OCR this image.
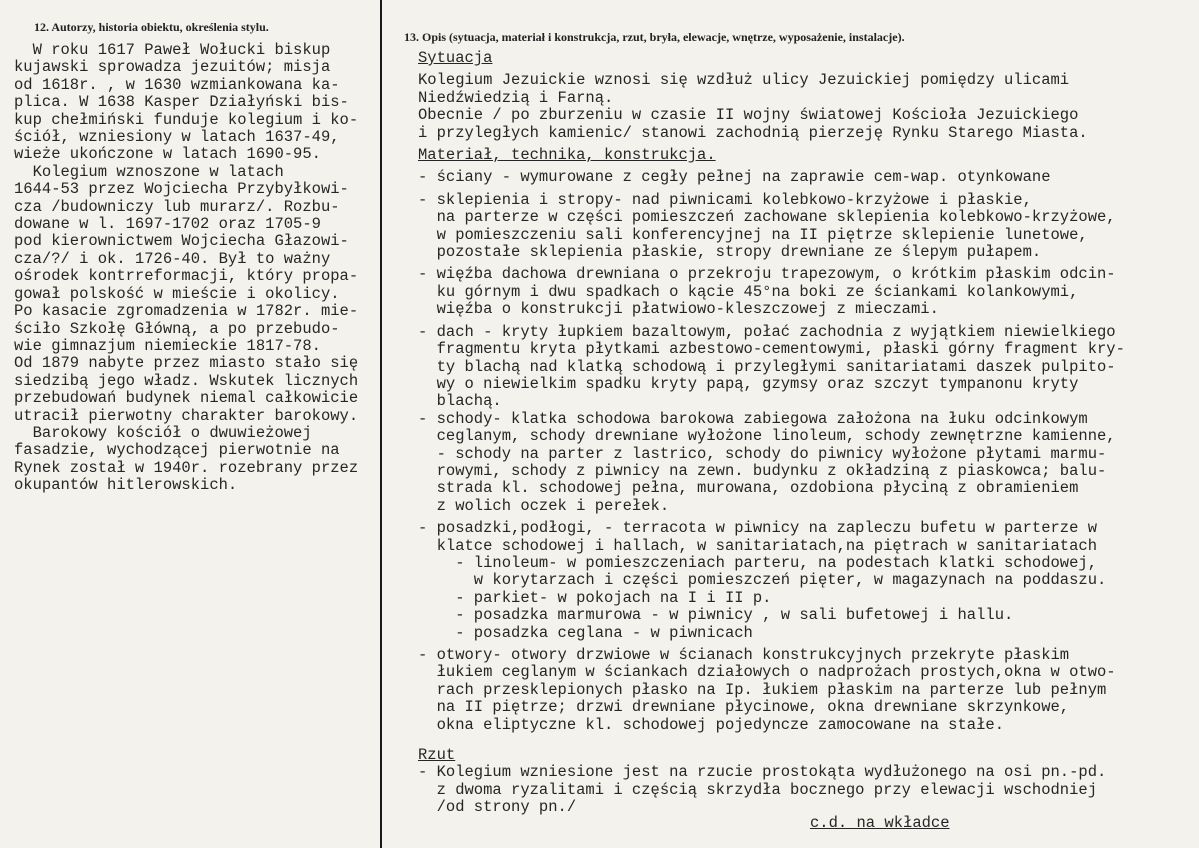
12. Autorzy, historia obiektu, określenia stylu.
13. Opis (sytuacja, materiał i konstrukcja, rzut, bryła, elewacje, wnętrze, wyposażenie, instalacje).

W roku 1617 Paweł Wołucki biskup

kujawski sprowadza jezuitów; misja

od 1618r. , w 1630 wzmiankowana ka-

plica. W 1638 Kasper Działyński bis-

kup chełmiński funduje kolegium i ko-

ściół, wzniesiony w latach 1637-49,

wieże ukończone w latach 1690-95.

Kolegium wznoszone w latach

1644-53 przez Wojciecha Przybyłkowi-

cza /budowniczy lub murarz/. Rozbu-

dowane w l. 1697-1702 oraz 1705-9

pod kierownictwem Wojciecha Głazowi-

cza/?/ i ok. 1726-40. Był to ważny

ośrodek kontrreformacji, który propa-

gował polskość w mieście i okolicy.

Po kasacie zgromadzenia w 1782r. mie-

ściło Szkołę Główną, a po przebudo-

wie gimnazjum niemieckie 1817-78.

Od 1879 nabyte przez miasto stało się

siedzibą jego władz. Wskutek licznych

przebudowań budynek niemal całkowicie

utracił pierwotny charakter barokowy.

Barokowy kościół o dwuwieżowej

fasadzie, wychodzącej pierwotnie na

Rynek został w 1940r. rozebrany przez

okupantów hitlerowskich.

Sytuacja

Kolegium Jezuickie wznosi się wzdłuż ulicy Jezuickiej pomiędzy ulicami

Niedźwiedzią i Farną.

Obecnie / po zburzeniu w czasie II wojny światowej Kościoła Jezuickiego

i przyległych kamienic/ stanowi zachodnią pierzeję Rynku Starego Miasta.

Materiał, technika, konstrukcja.

- ściany - wymurowane z cegły pełnej na zaprawie cem-wap. otynkowane

- sklepienia i stropy- nad piwnicami kolebkowo-krzyżowe i płaskie,

na parterze w części pomieszczeń zachowane sklepienia kolebkowo-krzyżowe,

w pomieszczeniu sali konferencyjnej na II piętrze sklepienie lunetowe,

pozostałe sklepienia płaskie, stropy drewniane ze ślepym pułapem.

- więźba dachowa drewniana o przekroju trapezowym, o krótkim płaskim odcin-

ku górnym i dwu spadkach o kącie 45°na boki ze ściankami kolankowymi,

więźba o konstrukcji płatwiowo-kleszczowej z mieczami.

- dach - kryty łupkiem bazaltowym, połać zachodnia z wyjątkiem niewielkiego

fragmentu kryta płytkami azbestowo-cementowymi, płaski górny fragment kry-

ty blachą nad klatką schodową i przyległymi sanitariatami daszek pulpito-

wy o niewielkim spadku kryty papą, gzymsy oraz szczyt tympanonu kryty

blachą.

- schody- klatka schodowa barokowa zabiegowa założona na łuku odcinkowym

ceglanym, schody drewniane wyłożone linoleum, schody zewnętrzne kamienne,

- schody na parter z lastrico, schody do piwnicy wyłożone płytami marmu-

rowymi, schody z piwnicy na zewn. budynku z okładziną z piaskowca; balu-

strada kl. schodowej pełna, murowana, ozdobiona płyciną z obramieniem

z wolich oczek i perełek.

- posadzki,podłogi, - terracota w piwnicy na zapleczu bufetu w parterze w

klatce schodowej i hallach, w sanitariatach,na piętrach w sanitariatach

- linoleum- w pomieszczeniach parteru, na podestach klatki schodowej,

w korytarzach i części pomieszczeń pięter, w magazynach na poddaszu.

- parkiet- w pokojach na I i II p.

- posadzka marmurowa - w piwnicy , w sali bufetowej i hallu.

- posadzka ceglana - w piwnicach

- otwory- otwory drzwiowe w ścianach konstrukcyjnych przekryte płaskim

łukiem ceglanym w ściankach działowych o nadprożach prostych,okna w otwo-

rach przesklepionych płasko na Ip. łukiem płaskim na parterze lub pełnym

na II piętrze; drzwi drewniane płycinowe, okna drewniane skrzynkowe,

okna eliptyczne kl. schodowej pojedyncze zamocowane na stałe.

Rzut

- Kolegium wzniesione jest na rzucie prostokąta wydłużonego na osi pn.-pd.

z dwoma ryzalitami i częścią skrzydła bocznego przy elewacji wschodniej

/od strony pn./

c.d. na wkładce
